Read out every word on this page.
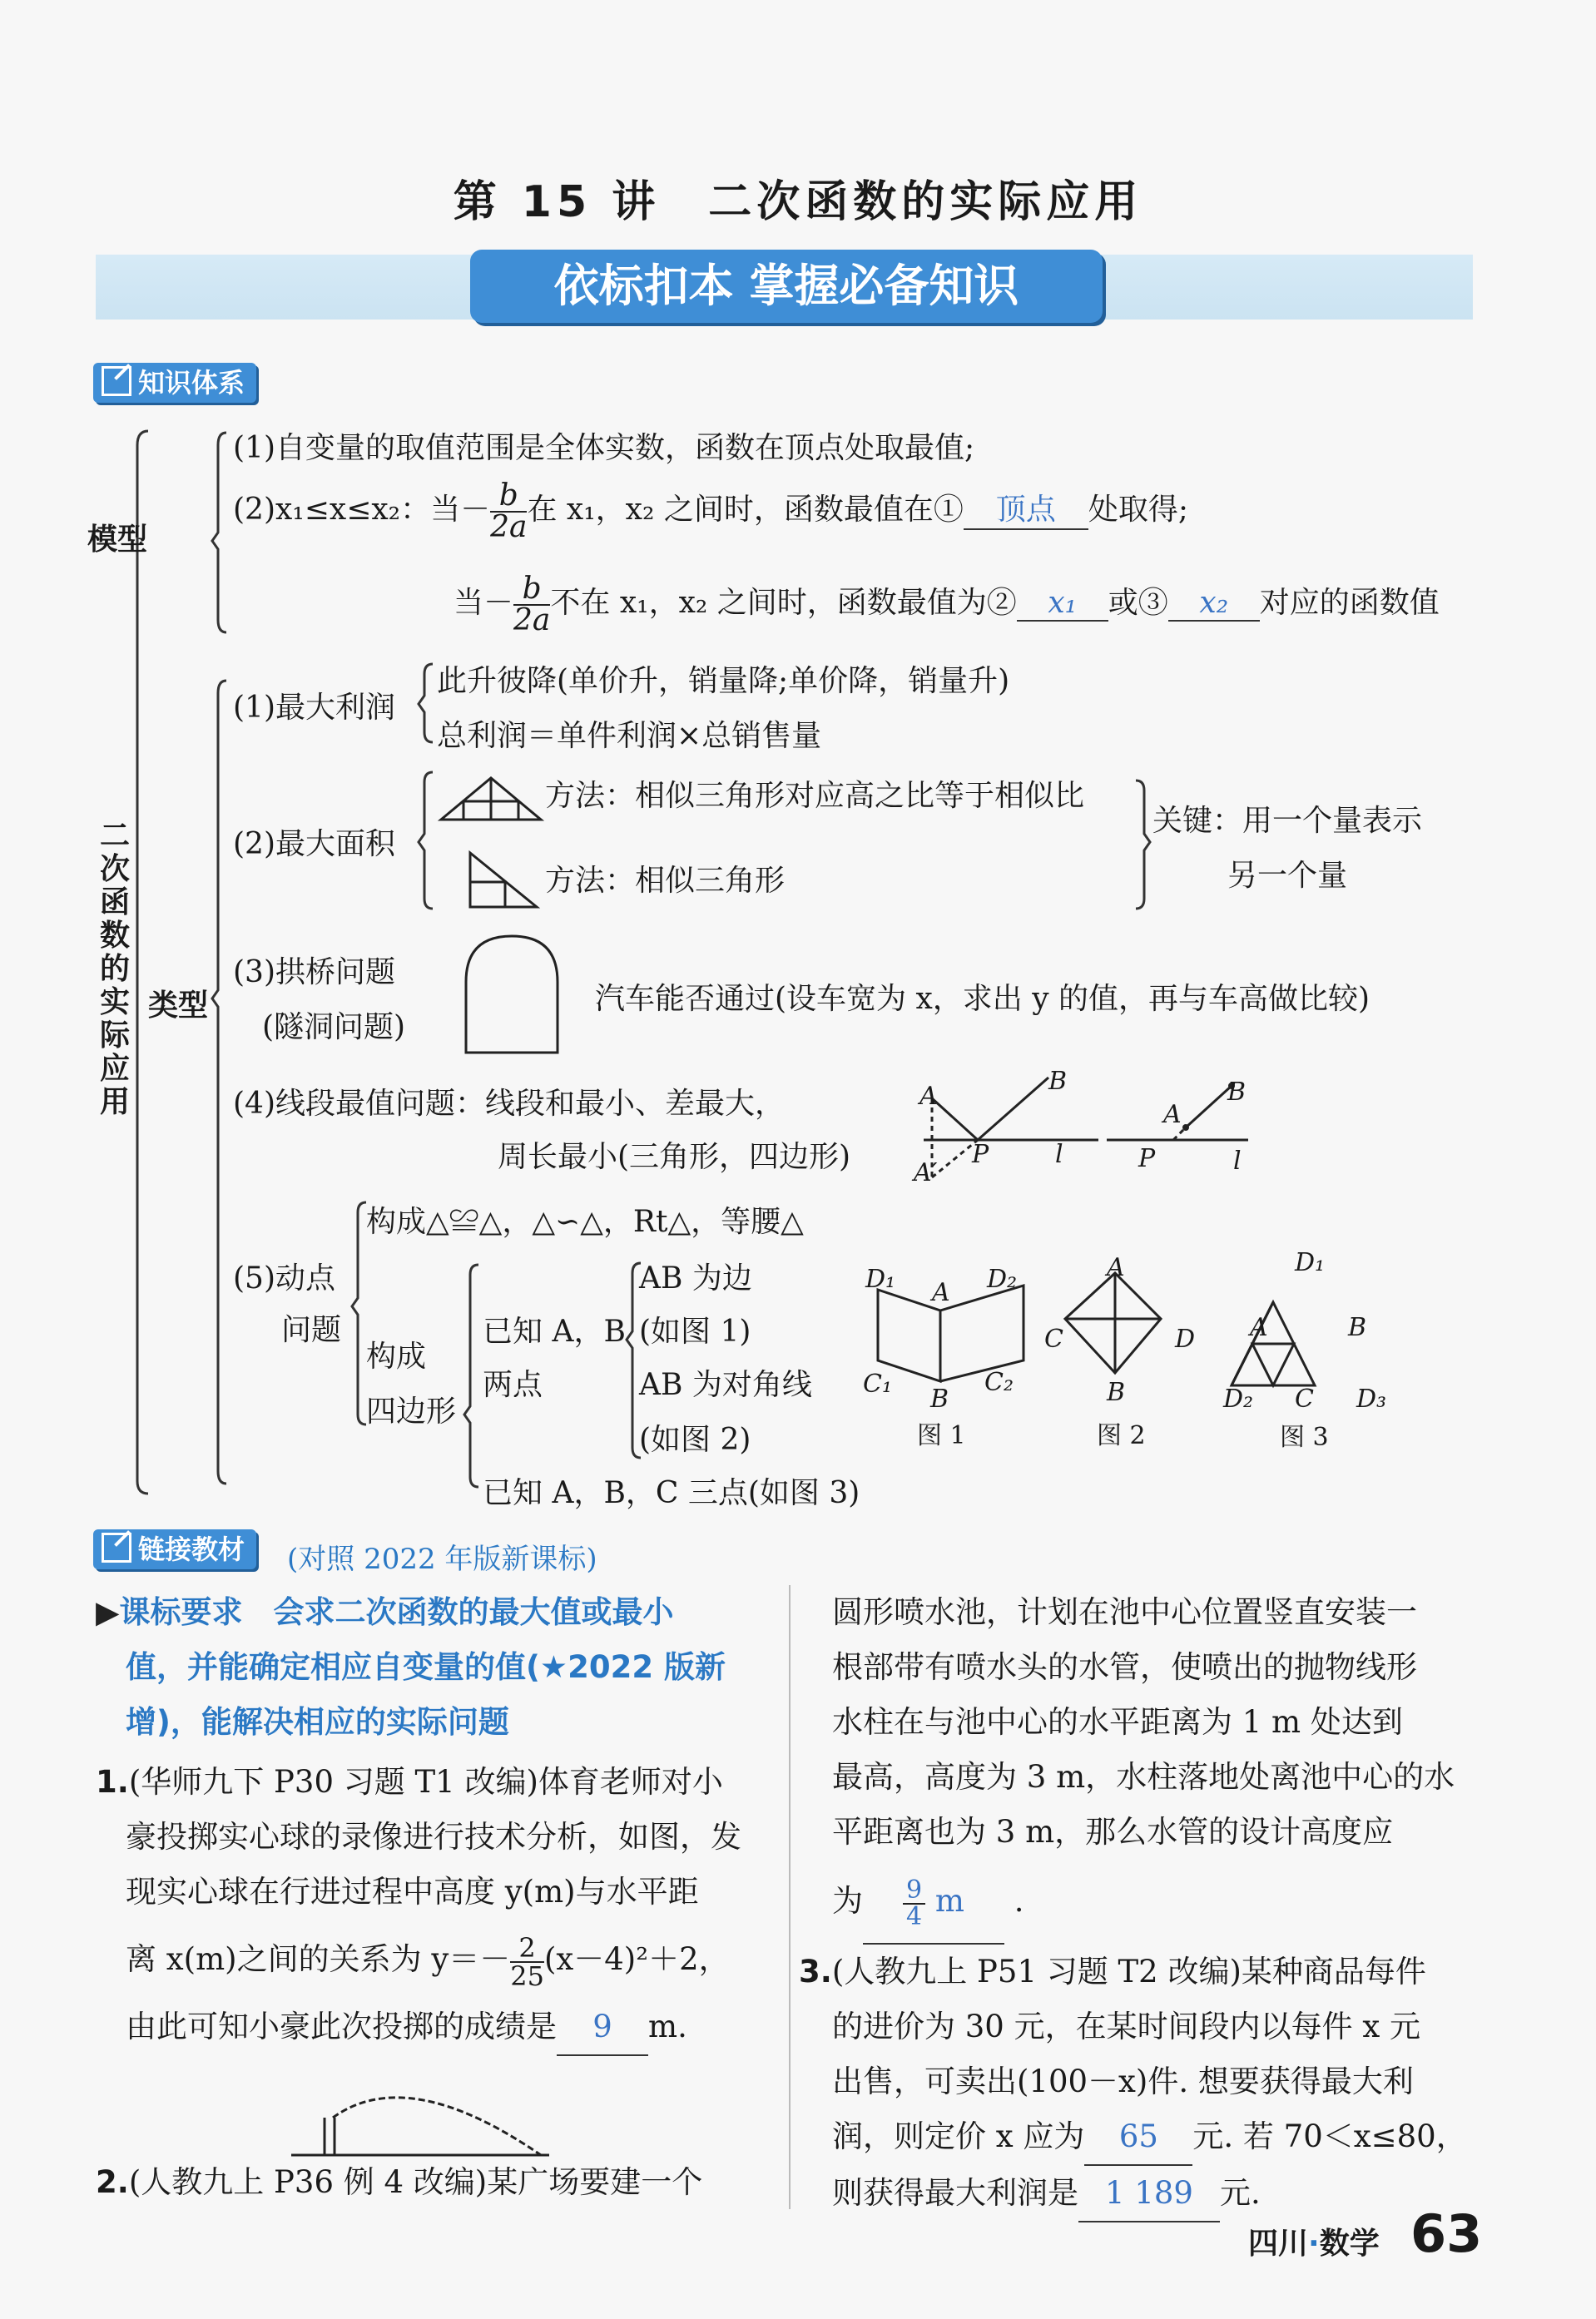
第 15 讲　二次函数的实际应用
依标扣本 掌握必备知识
知识体系
二次函数的实际应用
模型
(1)自变量的取值范围是全体实数，函数在顶点处取最值;
(2)x₁≤x≤x₂：当－ $\frac{b}{2a}$ 在 x₁，x₂ 之间时，函数最值在① 顶点 处取得;
当－ $\frac{b}{2a}$ 不在 x₁，x₂ 之间时，函数最值为② x₁ 或③ x₂ 对应的函数值
类型
(1)最大利润
此升彼降(单价升，销量降;单价降，销量升)
总利润＝单件利润×总销售量
(2)最大面积
方法：相似三角形对应高之比等于相似比
方法：相似三角形
关键：用一个量表示
另一个量
(3)拱桥问题
(隧洞问题)
汽车能否通过(设车宽为 x，求出 y 的值，再与车高做比较)
(4)线段最值问题：线段和最小、差最大，
周长最小(三角形，四边形)
A
B
P	l
A′
A
B
P	l
构成△≌△，△∽△，Rt△，等腰△
(5)动点
问题
构成
四边形
已知 A，B
两点
AB 为边
(如图 1)
AB 为对角线
(如图 2)
已知 A，B，C 三点(如图 3)
D₁ A D₂
C₁
B
C₂
图 1
A
C	D
B
图 2
D₁
A	B
D₂ C D₃
图 3
链接教材	(对照 2022 年版新课标)
▶课标要求　会求二次函数的最大值或最小
值，并能确定相应自变量的值(★2022 版新
增)，能解决相应的实际问题
1.(华师九下 P30 习题 T1 改编)体育老师对小
豪投掷实心球的录像进行技术分析，如图，发
现实心球在行进过程中高度 y(m)与水平距
离 x(m)之间的关系为 $y=- \frac{2}{25} (x-4)^2+2$，
由此可知小豪此次投掷的成绩是 9 m.
2.(人教九上 P36 例 4 改编)某广场要建一个
圆形喷水池，计划在池中心位置竖直安装一
根部带有喷水头的水管，使喷出的抛物线形
水柱在与池中心的水平距离为 1 m 处达到
最高，高度为 3 m，水柱落地处离池中心的水
平距离也为 3 m，那么水管的设计高度应
为 $\frac{9}{4}$ m .
3.(人教九上 P51 习题 T2 改编)某种商品每件
的进价为 30 元，在某时间段内以每件 x 元
出售，可卖出(100－x)件. 想要获得最大利
润，则定价 x 应为 65 元. 若 70＜x≤80，
则获得最大利润是 1 189 元.
四川·数学 63
